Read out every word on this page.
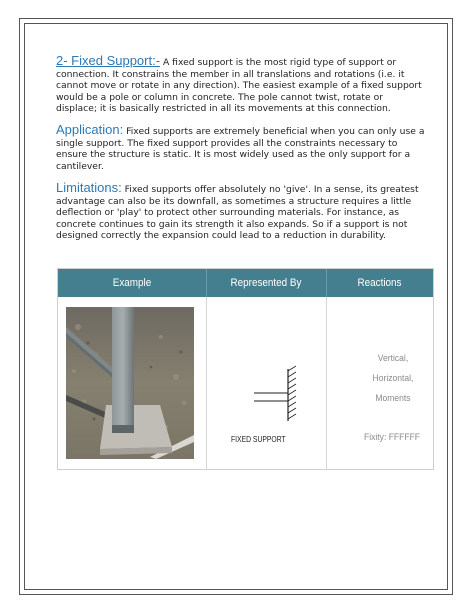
2- Fixed Support:- A fixed support is the most rigid type of support or connection. It constrains the member in all translations and rotations (i.e. it cannot move or rotate in any direction). The easiest example of a fixed support would be a pole or column in concrete. The pole cannot twist, rotate or displace; it is basically restricted in all its movements at this connection.

Application: Fixed supports are extremely beneficial when you can only use a single support. The fixed support provides all the constraints necessary to ensure the structure is static. It is most widely used as the only support for a cantilever.

Limitations: Fixed supports offer absolutely no 'give'. In a sense, its greatest advantage can also be its downfall, as sometimes a structure requires a little deflection or 'play' to protect other surrounding materials. For instance, as concrete continues to gain its strength it also expands. So if a support is not designed correctly the expansion could lead to a reduction in durability.

Example	Represented By	Reactions
FIXED SUPPORT
Vertical,
Horizontal,
Moments
Fixity: FFFFFF
